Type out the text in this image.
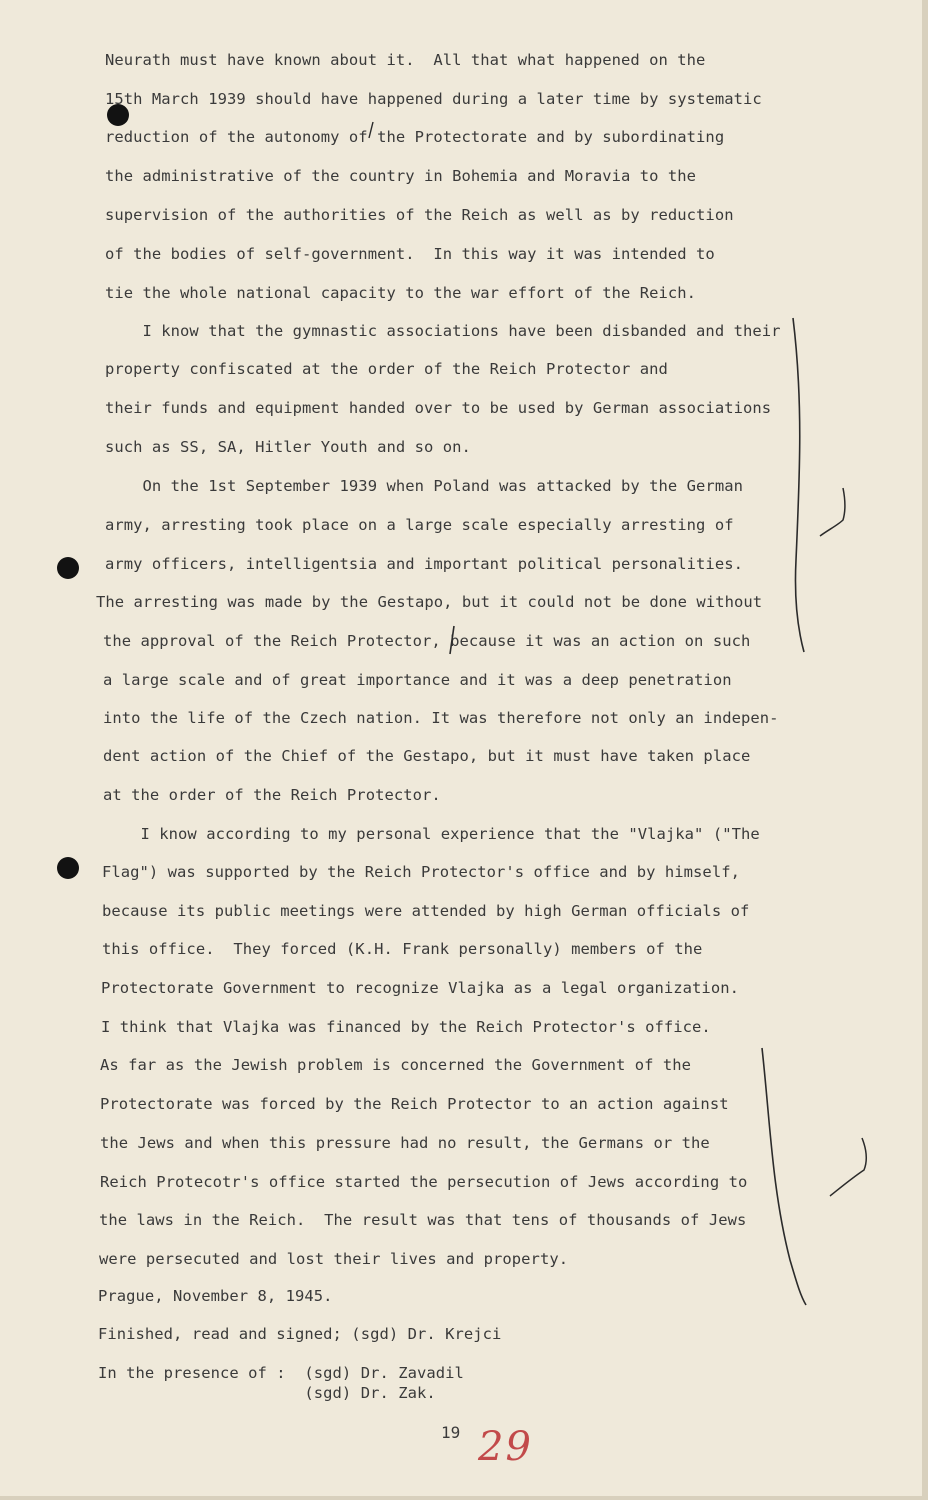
Neurath must have known about it.  All that what happened on the
15th March 1939 should have happened during a later time by systematic
reduction of the autonomy of the Protectorate and by subordinating
the administrative of the country in Bohemia and Moravia to the
supervision of the authorities of the Reich as well as by reduction
of the bodies of self-government.  In this way it was intended to
tie the whole national capacity to the war effort of the Reich.
I know that the gymnastic associations have been disbanded and their
property confiscated at the order of the Reich Protector and
their funds and equipment handed over to be used by German associations
such as SS, SA, Hitler Youth and so on.
On the 1st September 1939 when Poland was attacked by the German
army, arresting took place on a large scale especially arresting of
army officers, intelligentsia and important political personalities.
The arresting was made by the Gestapo, but it could not be done without
the approval of the Reich Protector, because it was an action on such
a large scale and of great importance and it was a deep penetration
into the life of the Czech nation. It was therefore not only an indepen-
dent action of the Chief of the Gestapo, but it must have taken place
at the order of the Reich Protector.
I know according to my personal experience that the "Vlajka" ("The
Flag") was supported by the Reich Protector's office and by himself,
because its public meetings were attended by high German officials of
this office.  They forced (K.H. Frank personally) members of the
Protectorate Government to recognize Vlajka as a legal organization.
I think that Vlajka was financed by the Reich Protector's office.
As far as the Jewish problem is concerned the Government of the
Protectorate was forced by the Reich Protector to an action against
the Jews and when this pressure had no result, the Germans or the
Reich Protecotr's office started the persecution of Jews according to
the laws in the Reich.  The result was that tens of thousands of Jews
were persecuted and lost their lives and property.
Prague, November 8, 1945.
Finished, read and signed; (sgd) Dr. Krejci
In the presence of :  (sgd) Dr. Zavadil
(sgd) Dr. Zak.
19 29
